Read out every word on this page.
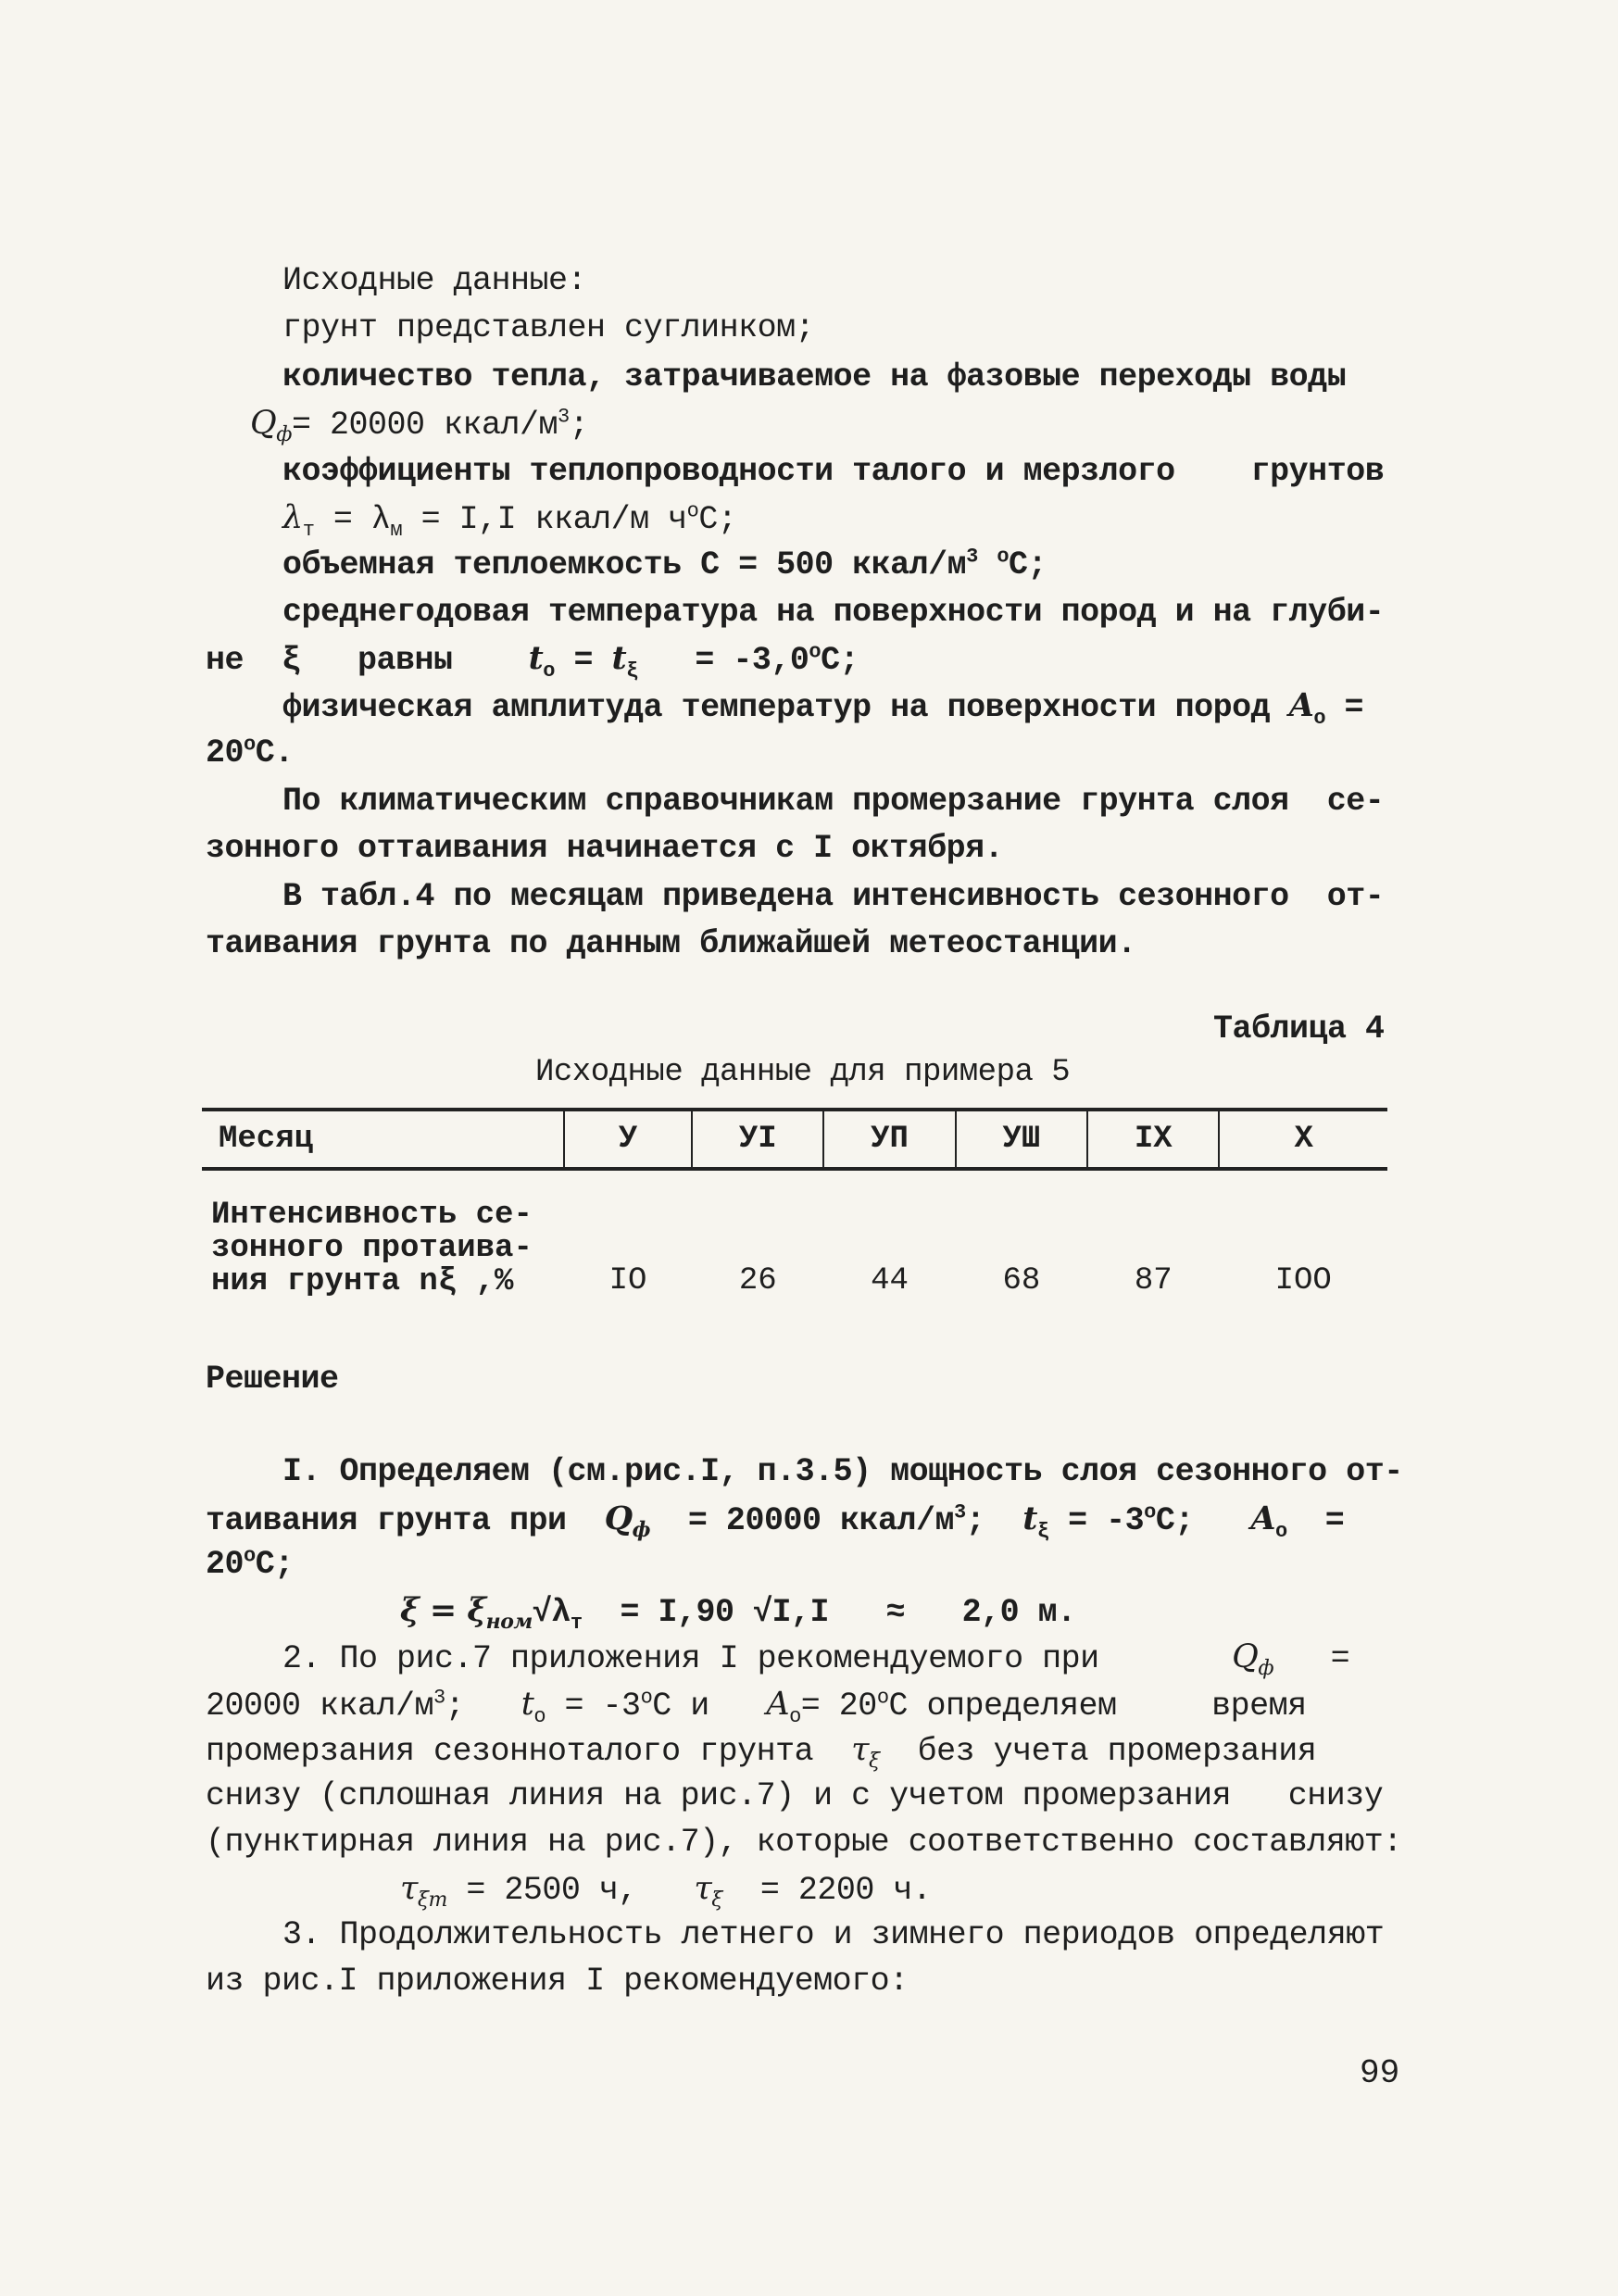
Исходные данные:
грунт представлен суглинком;
количество тепла, затрачиваемое на фазовые переходы воды
$Q_ф= 20000$ ккал/$м^3$;
коэффициенты теплопроводности талого и мерзлого    грунтов
$\lambda_т = \lambda_м = I,I$ ккал/м $ч^оС$;
объемная теплоемкость С = 500 ккал/$м^3$ $^о$С;
среднегодовая температура на поверхности пород и на глуби-
не  ξ   равны    $t_о = t_\xi = -3,0^оС$;
физическая амплитуда температур на поверхности пород $A_о$ =
$20^оС$.
По климатическим справочникам промерзание грунта слоя  се-
зонного оттаивания начинается с I октября.
В табл.4 по месяцам приведена интенсивность сезонного  от-
таивания грунта по данным ближайшей метеостанции.
Таблица 4
Исходные данные для примера 5
Месяц	У	УI	УП	УШ	IX	X

Интенсивность се-
зонного протаива-
ния грунта nξ ,%	IO	26	44	68	87	IOO
Решение
I. Определяем (см.рис.I, п.3.5) мощность слоя сезонного от-
таивания грунта при  $Q_ф = 20000$ ккал/$м^3$;  $t_\xi = -3^оС$;   $A_о$  =
$20^оС$;
$\xi = \xi_{ном}√\lambda_т = I,90$ √I,I   ≈   2,0 м.
2. По рис.7 приложения I рекомендуемого при       $Q_ф$   =
20000 ккал/$м^3$;   $t_о = -3^оС$ и   $A_о= 20^оС$ определяем     время
промерзания сезонноталого грунта  $\tau_\xi$  без учета промерзания
снизу (сплошная линия на рис.7) и с учетом промерзания   снизу
(пунктирная линия на рис.7), которые соответственно составляют:
$\tau_{\xi m} = 2500$ ч,   $\tau_\xi = 2200$ ч.
3. Продолжительность летнего и зимнего периодов определяют
из рис.I приложения I рекомендуемого:
99
